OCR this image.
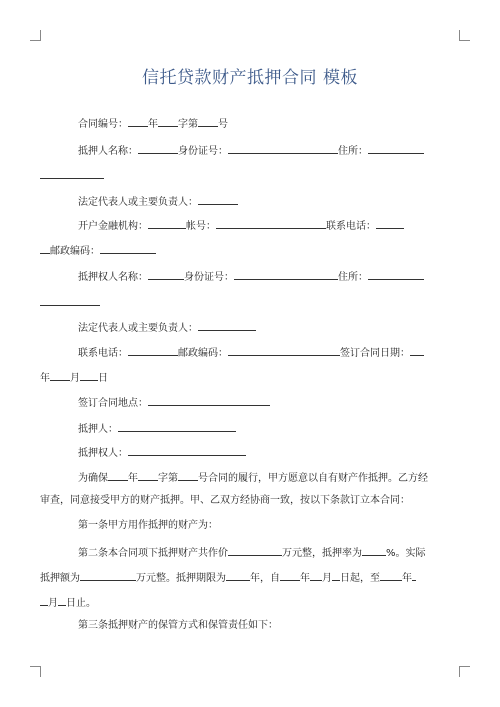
信托贷款财产抵押合同 模板
合同编号： 年 字第 号
抵押人名称：	身份证号：	住所：
法定代表人或主要负责人：
开户金融机构：	帐号：	联系电话：
邮政编码：
抵押权人名称：	身份证号：	住所：
法定代表人或主要负责人：
联系电话：	邮政编码：	签订合同日期：
年 月 日
签订合同地点：
抵押人：
抵押权人：
为确保 年 字第 号合同的履行，甲方愿意以自有财产作抵押。乙方经
审查，同意接受甲方的财产抵押。甲、乙双方经协商一致，按以下条款订立本合同：
第一条甲方用作抵押的财产为：
第二条本合同项下抵押财产共作价	万元整，抵押率为 %。实际
抵押额为	万元整。抵押期限为 年，自 年 月 日起，至 年
月 日止。
第三条抵押财产的保管方式和保管责任如下：
